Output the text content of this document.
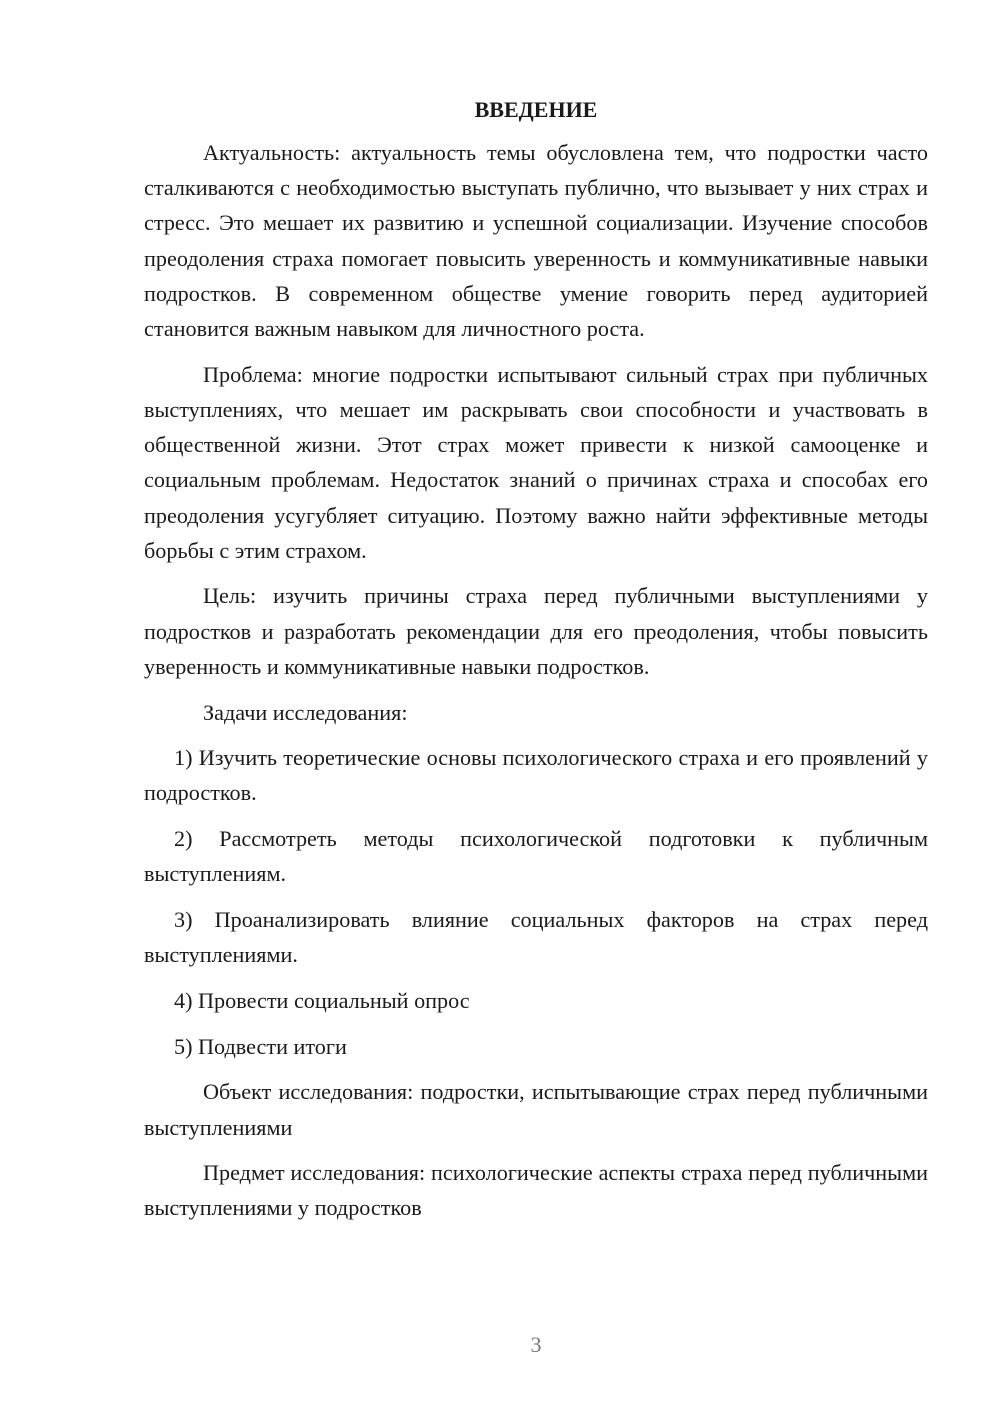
ВВЕДЕНИЕ

Актуальность: актуальность темы обусловлена тем, что подростки часто сталкиваются с необходимостью выступать публично, что вызывает у них страх и стресс. Это мешает их развитию и успешной социализации. Изучение способов преодоления страха помогает повысить уверенность и коммуникативные навыки подростков. В современном обществе умение говорить перед аудиторией становится важным навыком для личностного роста.

Проблема: многие подростки испытывают сильный страх при публичных выступлениях, что мешает им раскрывать свои способности и участвовать в общественной жизни. Этот страх может привести к низкой самооценке и социальным проблемам. Недостаток знаний о причинах страха и способах его преодоления усугубляет ситуацию. Поэтому важно найти эффективные методы борьбы с этим страхом.

Цель: изучить причины страха перед публичными выступлениями у подростков и разработать рекомендации для его преодоления, чтобы повысить уверенность и коммуникативные навыки подростков.

Задачи исследования:

1) Изучить теоретические основы психологического страха и его проявлений у подростков.

2) Рассмотреть методы психологической подготовки к публичным выступлениям.

3) Проанализировать влияние социальных факторов на страх перед выступлениями.

4) Провести социальный опрос

5) Подвести итоги

Объект исследования: подростки, испытывающие страх перед публичными выступлениями

Предмет исследования: психологические аспекты страха перед публичными выступлениями у подростков

3
